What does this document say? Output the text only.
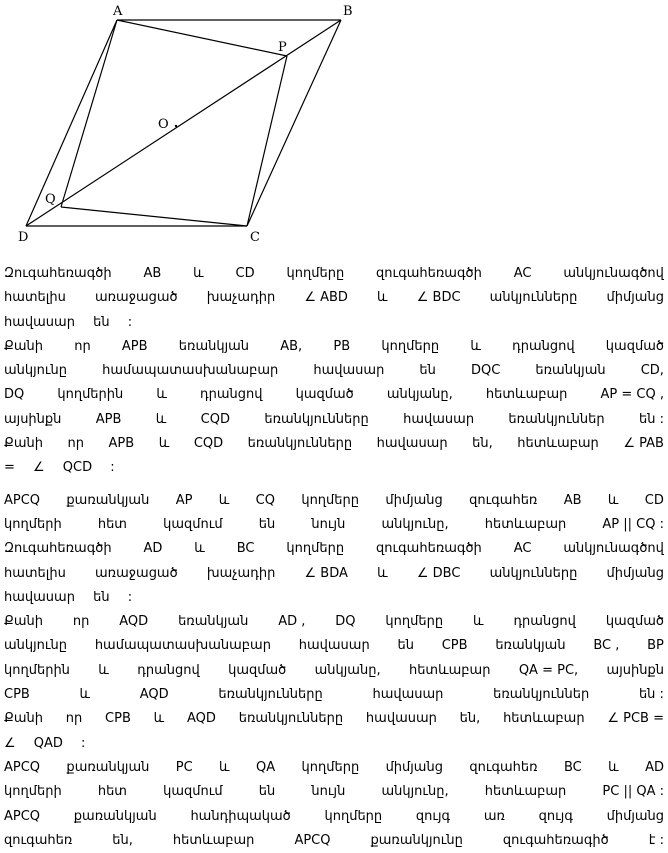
A	B
C
D
O
P
Q
Զուգահեռագծի AB և CD կողմերը զուգահեռագծի AC անկյունագծով
հատելիս առաջացած խաչադիր ∠ ABD և ∠ BDC անկյունները միմյանց
հավասար են :
Քանի որ APB եռանկյան AB, PB կողմերը և դրանցով կազմած
անկյունը	համապատասխանաբար	հավասար	են	DQC	եռանկյան	CD,
DQ	կողմերին	և	դրանցով	կազմած	անկյանը,	հետևաբար	AP = CQ ,
այսինքն	APB	և	CQD	եռանկյունները	հավասար	եռանկյուններ	են :
Քանի որ APB և CQD եռանկյունները հավասար են, հետևաբար ∠ PAB
= ∠ QCD :
APCQ քառանկյան AP և CQ կողմերը միմյանց զուգահեռ AB և CD
կողմերի	հետ	կազմում	են	նույն	անկյունը,	հետևաբար	AP || CQ :
Զուգահեռագծի AD և BC կողմերը զուգահեռագծի AC անկյունագծով
հատելիս առաջացած խաչադիր ∠ BDA և ∠ DBC անկյունները միմյանց
հավասար են :
Քանի որ AQD եռանկյան AD , DQ կողմերը և դրանցով կազմած
անկյունը համապատասխանաբար հավասար են CPB եռանկյան BC , BP
կողմերին և դրանցով կազմած անկյանը, հետևաբար QA = PC, այսինքն
CPB	և	AQD	եռանկյունները	հավասար	եռանկյուններ	են :
Քանի որ CPB և AQD եռանկյունները հավասար են, հետևաբար ∠ PCB =
∠ QAD :
APCQ քառանկյան PC և QA կողմերը միմյանց զուգահեռ BC և AD
կողմերի	հետ	կազմում	են	նույն	անկյունը,	հետևաբար	PC || QA :
APCQ	քառանկյան	հանդիպակած	կողմերը	զույգ	առ	զույգ	միմյանց
զուգահեռ	են,	հետևաբար	APCQ	քառանկյունը	զուգահեռագիծ	է :
